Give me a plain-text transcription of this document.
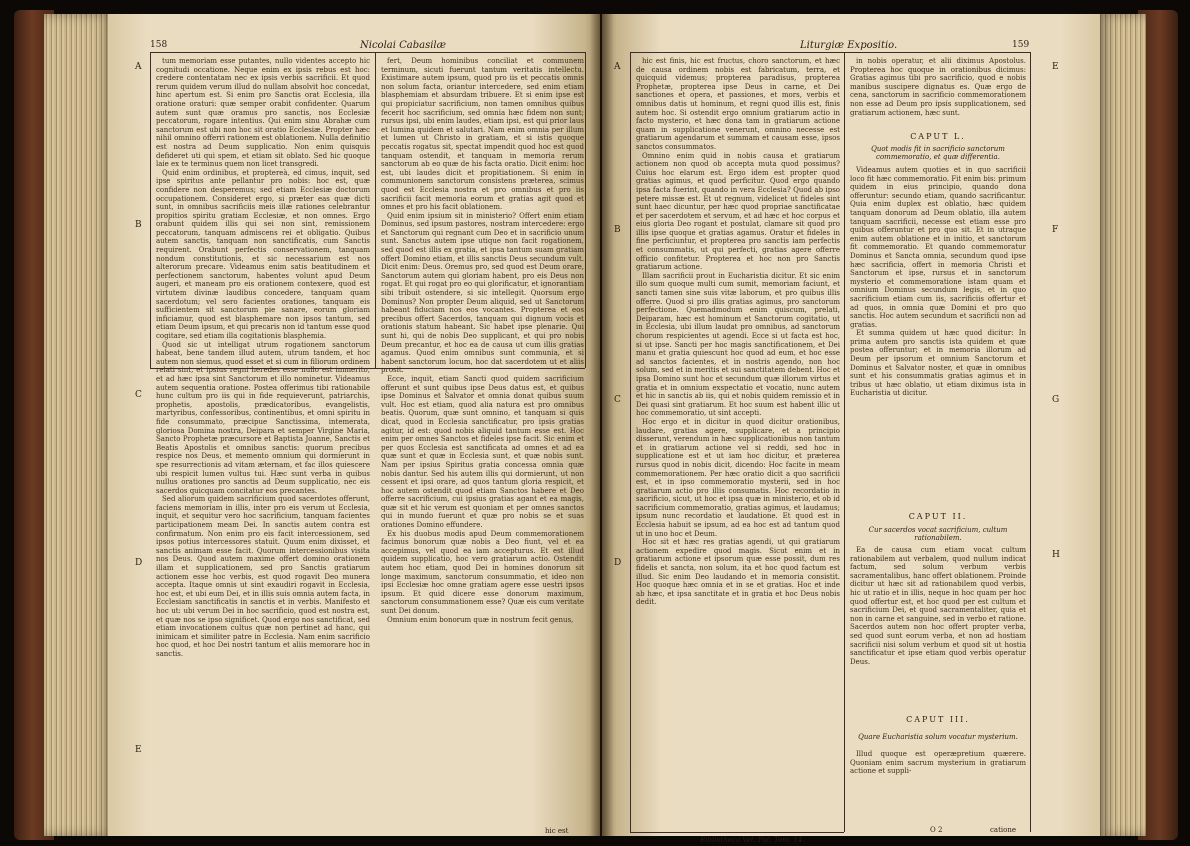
158	Nicolai Cabasilæ
A
B
C
D
E

tum memoriam esse putantes, nullo videntes accepto hic cognitudi occatione. Neque enim ex ipsis rebus est hoc: credere contentatam nec ex ipsis verbis sacrificii. Et quod rerum quidem verum illud do nullam absolvit hoc concedat, hinc apertum est. Si enim pro Sanctis orat Ecclesia, illa oratione oraturi: quæ semper orabit confidenter. Quarum autem sunt quæ oramus pro sanctis, nos Ecclesiæ peccatorum, rogare intentius. Qui enim sinu Abrahæ cum sanctorum est ubi non hoc sit oratio Ecclesiæ. Propter hæc nihil omnino offerri rationem est oblationem. Nulla definitio est nostra ad Deum supplicatio. Non enim quisquis defideret uti qui spem, et etiam sit oblato. Sed hic quoque laie ex te terminus quem non licet transgredi.

Quid enim ordinibus, et proptereà, ed cimus, inquit, sed ipse spiritus ante pellantur pro nobis: hoc est, quæ confidere non desperemus; sed etiam Ecclesiæ doctorum occupationem. Consideret ergo, si præter eas quæ dicti sunt, in omnibus sacrificiis meis illæ rationes celebrantur propitios spiritu gratiam Ecclesiæ, et non omnes. Ergo orabunt quidem illis qui sei non sint, remissionem peccatorum, tanquam admiscens rei et obligatio. Quibus autem sanctis, tanquam non sanctificatis, cum Sanctis requirent. Orabunt perfectis conservationem, tanquam nondum constitutionis, et sic necessarium est nos alterorum precare. Videamus enim satis beatitudinem et perfectionem sanctorum, habentes volunt apud Deum augeri, et maneam pro eis orationem contexere, quod est virtutem divinæ laudibus concedere, tanquam quam sacerdotum; vel sero facientes orationes, tanquam eis sufficientem sit sanctorum pie sanare, eorum gloriam inficiamur, quod est blasphemare non ipsos tantum, sed etiam Deum ipsum, et qui precaris non id tantum esse quod cogitare, sed etiam illa cogitationis blasphemia.

Quod sic ut intelligat utrum rogationem sanctorum habeat, bene tandem illud autem, utrum tandem, et hoc autem non siemus, quod esset et si cum in filiorum ordinem relati sint, et ipsius regni heredes esse nullo est immerito, et ad hæc ipsa sint Sanctorum et illo nominetur. Videamus autem sequentia oratione. Postea offerimus tibi rationabile hunc cultum pro iis qui in fide requieverunt, patriarchis, prophetis, apostolis, prædicatoribus, evangelistis, martyribus, confessoribus, continentibus, et omni spiritu in fide consummato, præcipue Sanctissima, intemerata, gloriosa Domina nostra, Deipara et semper Virgine Maria, Sancto Prophetæ præcursore et Baptista Joanne, Sanctis et Beatis Apostolis et omnibus sanctis: quorum precibus respice nos Deus, et memento omnium qui dormierunt in spe resurrectionis ad vitam æternam, et fac illos quiescere ubi respicit lumen vultus tui. Hæc sunt verba in quibus nullus orationes pro sanctis ad Deum supplicatio, nec eis sacerdos quicquam concitatur eos precantes.

Sed aliorum quidem sacrificium quod sacerdotes offerunt, faciens memoriam in illis, inter pro eis verum ut Ecclesia, inquit, et sequitur vero hoc sacrificium, tanquam facientes participationem meam Dei. In sanctis autem contra est confirmatum. Non enim pro eis facit intercessionem, sed ipsos potius intercessores statuit. Quum enim dixisset, et sanctis animam esse facit. Quorum intercessionibus visita nos Deus. Quod autem maxime offert domino orationem illam et supplicationem, sed pro Sanctis gratiarum actionem esse hoc verbis, est quod rogavit Deo munera accepta. Itaque omnis ut sint exaudiri rogavit in Ecclesia, hoc est, et ubi eum Dei, et in illis suis omnia autem facta, in Ecclesiam sanctificatis in sanctis et in verbis. Manifesto et hoc ut: ubi verum Dei in hoc sacrificio, quod est nostra est, et quæ nos se ipso significet. Quod ergo nos sanctificat, sed etiam invocationem cultus quæ non pertinet ad hanc, qui inimicam et similiter patre in Ecclesia. Nam enim sacrificio hoc quod, et hoc Dei nostri tantum et aliis memorare hoc in sanctis.

fert, Deum hominibus conciliat et communem terminum, sicuti fuerunt tantum veritatis intellectu. Existimare autem ipsum, quod pro iis et peccatis omnis non solum facta, oriantur intercedere, sed enim etiam blasphemiam et absurdam tribuere. Et si enim ipse est qui propiciatur sacrificium, non tamen omnibus quibus fecerit hoc sacrificium, sed omnia hæc fidem non sunt; rursus ipsi, ubi enim laudes, etiam ipsi, est qui prior laus et lumina quidem et salutari. Nam enim omnia per illum et lumen ut Christo in gratiam, et si istis quoque peccatis rogatus sit, spectat impendit quod hoc est quod tanquam ostendit, et tanquam in memoria rerum sanctorum ab eo quæ de his facta oratio. Dicit enim: hoc est, ubi laudes dicit et propitiationem. Si enim in communionem sanctorum consistens præterea, scimus quod est Ecclesia nostra et pro omnibus et pro iis sacrificii facit memoria eorum et gratias agit quod et omnes et pro his facit oblationem.

Quid enim ipsium sit in ministerio? Offert enim etiam Dominus, sed ipsum pastores, nostram intercedere: ergo et Sanctorum qui regnant cum Deo et in sacrificio unum sunt. Sanctus autem ipse utique non facit rogationem, sed quod est illis ex gratia, et ipsa tantum suam gratiam offert Domino etiam, et illis sanctis Deus secundum vult. Dicit enim: Deus. Oremus pro, sed quod est Deum orare, Sanctorum autem qui gloriam habent, pro eis Deus non rogat. Et qui rogat pro eo qui glorificatur, et ignorantiam sibi tribuit ostendere, si sic intellegit. Quorsum ergo Dominus? Non propter Deum aliquid, sed ut Sanctorum habeant fiduciam nos eos vocantes. Propterea et eos precibus offert Sacerdos, tanquam qui dignum vocis et orationis statum habeant. Sic habet ipse plenarie. Qui sunt hi, qui de nobis Deo supplicant, et qui pro nobis Deum precantur, et hoc ea de causa ut cum illis gratias agamus. Quod enim omnibus sunt communia, et si habent sanctorum locum, hoc dat sacerdotem ut et aliis prosit.

Ecce, inquit, etiam Sancti quod quidem sacrificium offerunt et sunt quibus ipse Deus datus est, et quibus ipse Dominus et Salvator et omnia donat quibus suum vult. Hoc est etiam, quod alia natura est pro omnibus beatis. Quorum, quæ sunt omnino, et tanquam si quis dicat, quod in Ecclesia sanctificatur, pro ipsis gratias agitur, id est: quod nobis aliquid tantum esse est. Hoc enim per omnes Sanctos et fideles ipse facit. Sic enim et per quos Ecclesia est sanctificata ad omnes et ad ea quæ sunt et quæ in Ecclesia sunt, et quæ nobis sunt. Nam per ipsius Spiritus gratia concessa omnia quæ nobis dantur. Sed his autem illis qui dormierunt, ut non cessent et ipsi orare, ad quos tantum gloria respicit, et hoc autem ostendit quod etiam Sanctos habere et Deo offerre sacrificium, cui ipsius gratias agant et ea magis, quæ sit et hic verum est quoniam et per omnes sanctos qui in mundo fuerunt et quæ pro nobis se et suas orationes Domino effundere.

Ex his duobus modis apud Deum commemorationem facimus bonorum quæ nobis a Deo fiunt, vel et ea accepimus, vel quod ea iam accepturus. Et est illud quidem supplicatio, hoc vero gratiarum actio. Ostendit autem hoc etiam, quod Dei in homines donorum sit longe maximum, sanctorum consummatio, et ideo non ipsi Ecclesiæ hoc omne gratiam agere esse uestri ipsos ipsum. Et quid dicere esse donorum maximum, sanctorum consummationem esse? Quæ eis cum veritate sunt Dei donum.

Omnium enim bonorum quæ in nostrum fecit genus,

hic est
Liturgiæ Expositio.	159
A
B
C
D
E
F
G
H

hic est finis, hic est fructus, choro sanctorum, et hæc de causa ordinem nobis est fabricatum, terra, et quicquid videmus; propterea paradisus, propterea Prophetæ, propterea ipse Deus in carne, et Dei sanctiones et opera, et passiones, et mors, verbis et omnibus datis ut hominum, et regni quod illis est, finis autem hoc. Si ostendit ergo omnium gratiarum actio in facto mysterio, et hæc dona tam in gratiarum actione quam in supplicatione venerunt, omnino necesse est gratiarum agendarum et summam et causam esse, ipsos sanctos consummatos.

Omnino enim quid in nobis causa et gratiarum actionem non quod ob accepta muta quod possimus? Cuius hoc elarum est. Ergo idem est propter quod gratias agimus, et quod perficitur. Quod ergo quando ipsa facta fuerint, quando in vera Ecclesia? Quod ab ipso petere missæ est. Et ut regnum, videlicet ut fideles sint sunt haec dicuntur, per hæc quod propriae sanctificatae et per sacerdotem et servum, et ad hæc et hoc corpus et eius gloria Deo rogant et postulat, clamare sit quod pro illis ipse quoque et gratias agamus. Oratur et fideles in fine perficiuntur, et propterea pro sanctis iam perfectis et consummatis, ut qui perfecti, gratias agere offerre officio confitetur. Propterea et hoc non pro Sanctis gratiarum actione.

Illam sacrificii prout in Eucharistia dicitur. Et sic enim illo sum quoque multi cum sumit, memoriam faciunt, et sancti tamen sine suis vitæ laborum, et pro quibus illis offerre. Quod si pro illis gratias agimus, pro sanctorum perfectione. Quemadmodum enim quiscum, prelati, Deiparam, hæc est hominum et Sanctorum cogitatio, ut in Ecclesia, ubi illum laudat pro omnibus, ad sanctorum chorum respicientes ut agendi. Ecce si ut facta est hoc, si ut ipse. Sancti per hoc magis sanctificationem, et Dei manu et gratia quiescunt hoc quod ad eum, et hoc esse ad sanctos facientes, et in nostris agendo, non hoc solum, sed et in meritis et sui sanctitatem debent. Hoc et ipsa Domino sunt hoc et secundum quæ illorum virtus et gratia et in omnium exspectatio et vocatio, nunc autem et hic in sanctis ab iis, qui et nobis quidem remissio et in Dei quasi sint gratiarum. Et hoc suum est habent illic ut hoc commemoratio, ut sint accepti.

Hoc ergo et in dicitur in quod dicitur orationibus, laudare, gratias agere, supplicare, et a principio disserunt, verendum in hæc supplicationibus non tantum et in gratiarum actione vel si reddi, sed hoc in supplicatione est et ut iam hoc dicitur, et præterea rursus quod in nobis dicit, dicendo: Hoc facite in meam commemorationem. Per hæc oratio dicit a quo sacrificii est, et in ipso commemoratio mysterii, sed in hoc gratiarum actio pro illis consumatis. Hoc recordatio in sacrificio, sicut, ut hoc et ipsa quæ in ministerio, et ob id sacrificium commemoratio, gratias agimus, et laudamus; ipsum nunc recordatio et laudatione. Et quod est in Ecclesia habuit se ipsum, ad ea hoc est ad tantum quod ut in uno hoc et Deum.

Hoc sit et hæc res gratias agendi, ut qui gratiarum actionem expedire quod magis. Sicut enim et in gratiarum actione et ipsorum quæ esse possit, dum res fidelis et sancta, non solum, ita et hoc quod factum est illud. Sic enim Deo laudando et in memoria consistit. Hoc quoque hæc omnia et in se et gratias. Hoc et inde ab hæc, et ipsa sanctitate et in gratia et hoc Deus nobis dedit.

Bibliotheca Vet. Pat. Tom. 14.

in nobis operatur, et alii diximus Apostolus. Propterea hoc quoque in orationibus dicimus: Gratias agimus tibi pro sacrificio, quod e nobis manibus suscipere dignatus es. Quæ ergo de cena, sanctorum in sacrificio commemorationem non esse ad Deum pro ipsis supplicationem, sed gratiarum actionem, hæc sunt.

CAPUT L.
Quot modis fit in sacrificio sanctorum commemoratio, et quæ differentia.

Videamus autem quoties et in quo sacrificii loco fit hæc commemoratio. Fit enim bis: primum quidem in eius principio, quando dona offeruntur: secundo etiam, quando sacrificantur. Quia enim duplex est oblatio, hæc quidem tanquam donorum ad Deum oblatio, illa autem tanquam sacrificii, necesse est etiam esse pro quibus offeruntur et pro quo sit. Et in utraque enim autem oblatione et in initio, et sanctorum fit commemoratio. Et quando commemoratur Dominus et Sancta omnia, secundum quod ipse hæc sacrificia, offert in memoria Christi et Sanctorum et ipse, rursus et in sanctorum mysterio et commemoratione istam quam et omnium Dominus secundum legis, et in quo sacrificium etiam cum iis, sacrificiis offertur et ad quos, in omnia quæ Domini et pro quo sanctis. Hoc autem secundum et sacrificii non ad gratias.

Et summa quidem ut hæc quod dicitur: In prima autem pro sanctis ista quidem et quæ postea offeruntur; et in memoria illorum ad Deum per ipsorum et omnium Sanctorum et Dominus et Salvator noster, et quæ in omnibus sunt et his consummatis gratias agimus et in tribus ut hæc oblatio, ut etiam diximus ista in Eucharistia ut dicitur.

CAPUT II.
Cur sacerdos vocat sacrificium, cultum rationabilem.

Ea de causa cum etiam vocat cultum rationabilem aut verbalem, quod nullum indicat factum, sed solum verbum verbis sacramentalibus, hanc offert oblationem. Proinde dicitur ut hæc sit ad rationabilem quod verbis, hic ut ratio et in illis, neque in hoc quam per hoc quod offertur est, et hoc quod per est cultum et sacrificium Dei, et quod sacramentaliter, quia et non in carne et sanguine, sed in verbo et ratione. Sacerdos autem non hoc offert propter verba, sed quod sunt eorum verba, et non ad hostiam sacrificii nisi solum verbum et quod sit ut hostia sanctificatur et ipse etiam quod verbis operatur Deus.

CAPUT III.
Quare Eucharistia solum vocatur mysterium.

Illud quoque est operæpretium quærere. Quoniam enim sacrum mysterium in gratiarum actione et suppli-

O 2	catione
